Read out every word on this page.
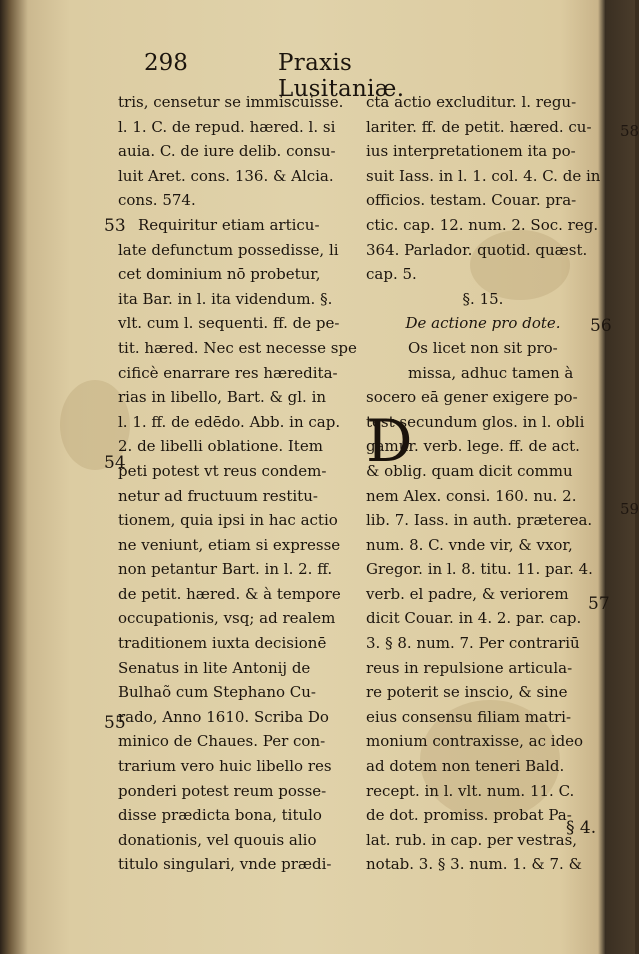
58
59
298	Praxis Lusitaniæ.
53
54
55
56
57
tris, censetur se immiscuisse.
l. 1. C. de repud. hæred. l. si
auia. C. de iure delib. consu-
luit Aret. cons. 136. & Alcia.
cons. 574.
Requiritur etiam articu-
late defunctum possedisse, li
cet dominium nō probetur,
ita Bar. in l. ita videndum. §.
vlt. cum l. sequenti. ff. de pe-
tit. hæred. Nec est necesse spe
cificè enarrare res hæredita-
rias in libello, Bart. & gl. in
l. 1. ff. de edēdo. Abb. in cap.
2. de libelli oblatione. Item
peti potest vt reus condem-
netur ad fructuum restitu-
tionem, quia ipsi in hac actio
ne veniunt, etiam si expresse
non petantur Bart. in l. 2. ff.
de petit. hæred. & à tempore
occupationis, vsq; ad realem
traditionem iuxta decisionē
Senatus in lite Antonij de
Bulhaõ cum Stephano Cu-
rado, Anno 1610. Scriba Do
minico de Chaues. Per con-
trarium vero huic libello res
ponderi potest reum posse-
disse prædicta bona, titulo
donationis, vel quouis alio
titulo singulari, vnde prædi-
cta actio excluditur. l. regu-
lariter. ff. de petit. hæred. cu-
ius interpretationem ita po-
suit Iass. in l. 1. col. 4. C. de in
officios. testam. Couar. pra-
ctic. cap. 12. num. 2. Soc. reg.
364. Parlador. quotid. quæst.
cap. 5.
§. 15.
De actione pro dote.
D
Os licet non sit pro-
missa, adhuc tamen à
socero eā gener exigere po-
test secundum glos. in l. obli
gamur. verb. lege. ff. de act.
& oblig. quam dicit commu
nem Alex. consi. 160. nu. 2.
lib. 7. Iass. in auth. præterea.
num. 8. C. vnde vir, & vxor,
Gregor. in l. 8. titu. 11. par. 4.
verb. el padre, & veriorem
dicit Couar. in 4. 2. par. cap.
3. § 8. num. 7. Per contrariū
reus in repulsione articula-
re poterit se inscio, & sine
eius consensu filiam matri-
monium contraxisse, ac ideo
ad dotem non teneri Bald.
recept. in l. vlt. num. 11. C.
de dot. promiss. probat Pa-
lat. rub. in cap. per vestras,
notab. 3. § 3. num. 1. & 7. &
§ 4.
